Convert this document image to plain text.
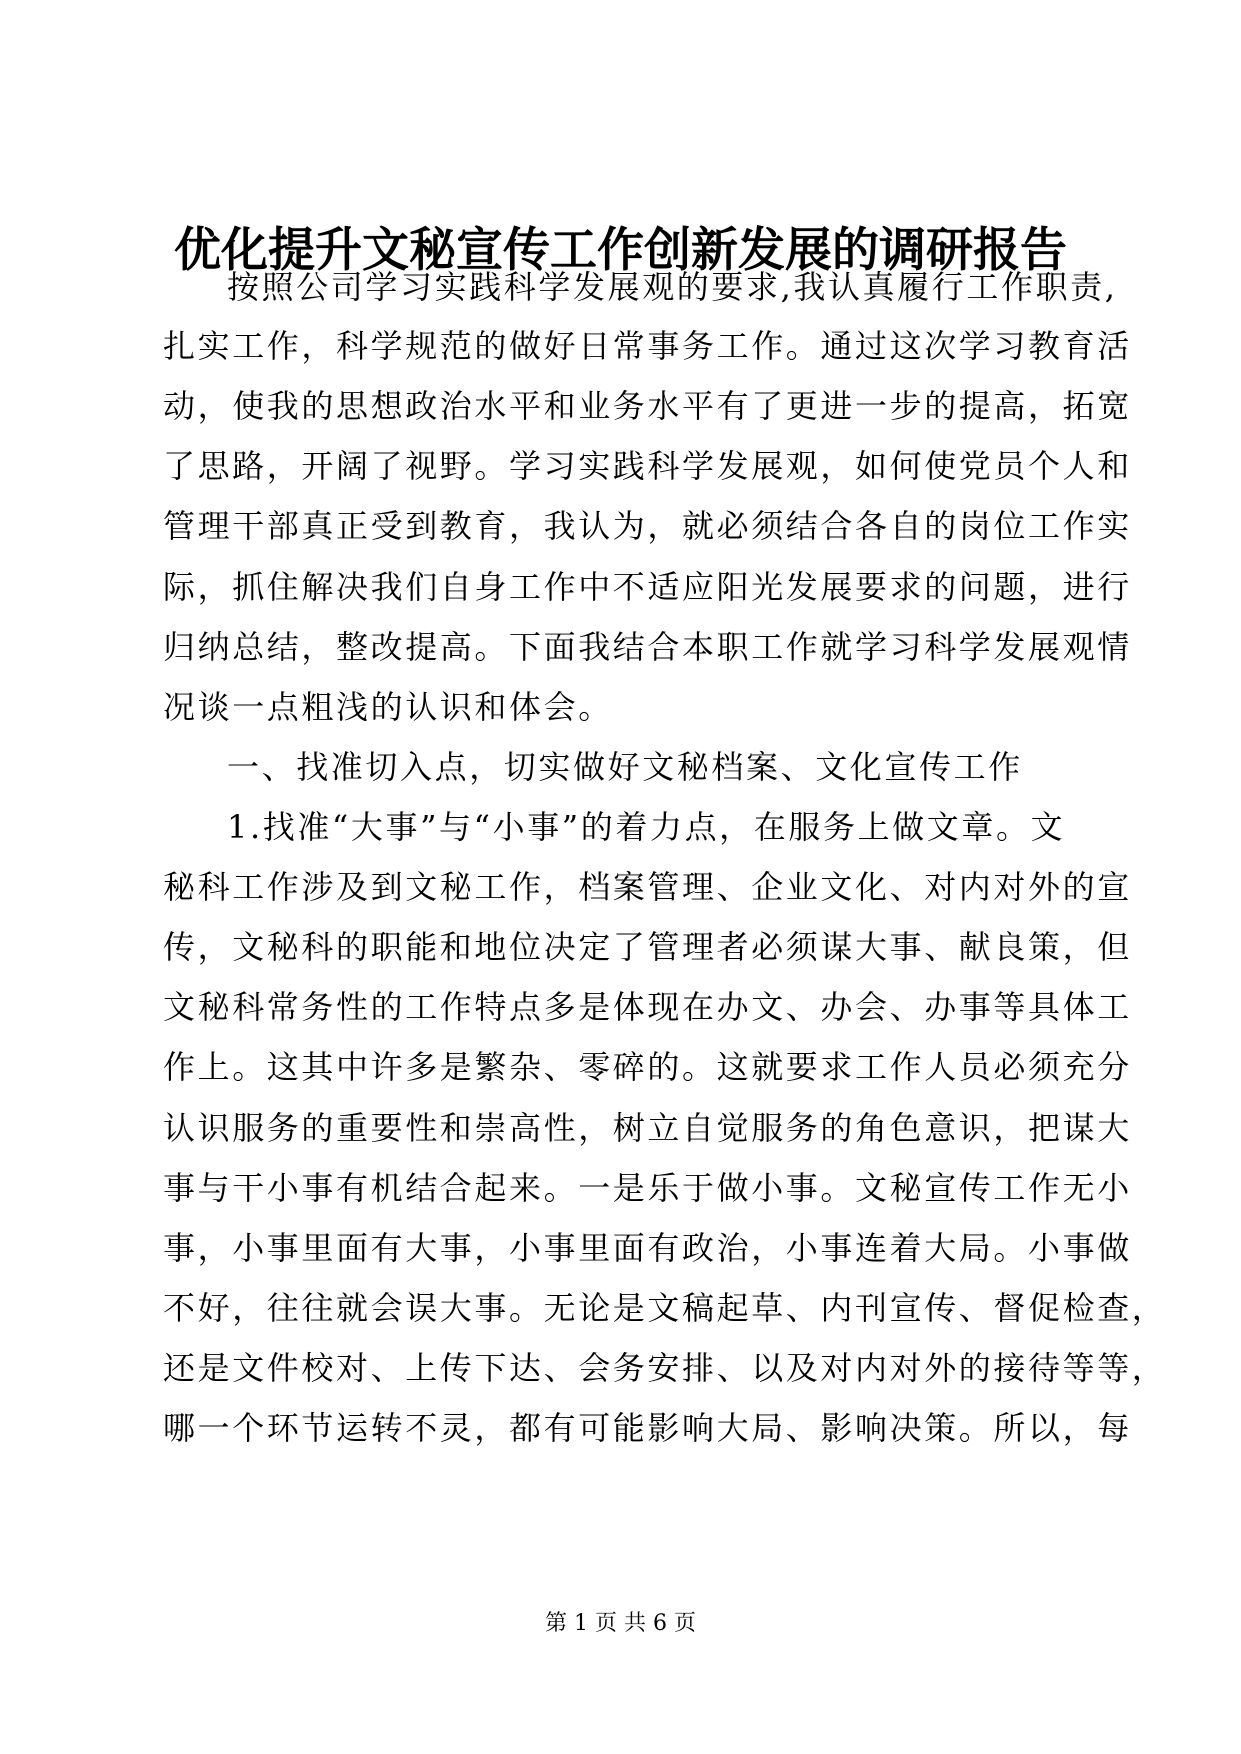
优化提升文秘宣传工作创新发展的调研报告
按照公司学习实践科学发展观的要求,我认真履行工作职责,
扎实工作，科学规范的做好日常事务工作。通过这次学习教育活
动，使我的思想政治水平和业务水平有了更进一步的提高，拓宽
了思路，开阔了视野。学习实践科学发展观，如何使党员个人和
管理干部真正受到教育，我认为，就必须结合各自的岗位工作实
际，抓住解决我们自身工作中不适应阳光发展要求的问题，进行
归纳总结，整改提高。下面我结合本职工作就学习科学发展观情
况谈一点粗浅的认识和体会。
一、找准切入点，切实做好文秘档案、文化宣传工作
1.找准“大事”与“小事”的着力点，在服务上做文章。文
秘科工作涉及到文秘工作，档案管理、企业文化、对内对外的宣
传，文秘科的职能和地位决定了管理者必须谋大事、献良策，但
文秘科常务性的工作特点多是体现在办文、办会、办事等具体工
作上。这其中许多是繁杂、零碎的。这就要求工作人员必须充分
认识服务的重要性和崇高性，树立自觉服务的角色意识，把谋大
事与干小事有机结合起来。一是乐于做小事。文秘宣传工作无小
事，小事里面有大事，小事里面有政治，小事连着大局。小事做
不好，往往就会误大事。无论是文稿起草、内刊宣传、督促检查，
还是文件校对、上传下达、会务安排、以及对内对外的接待等等，
哪一个环节运转不灵，都有可能影响大局、影响决策。所以，每
第 1 页 共 6 页
